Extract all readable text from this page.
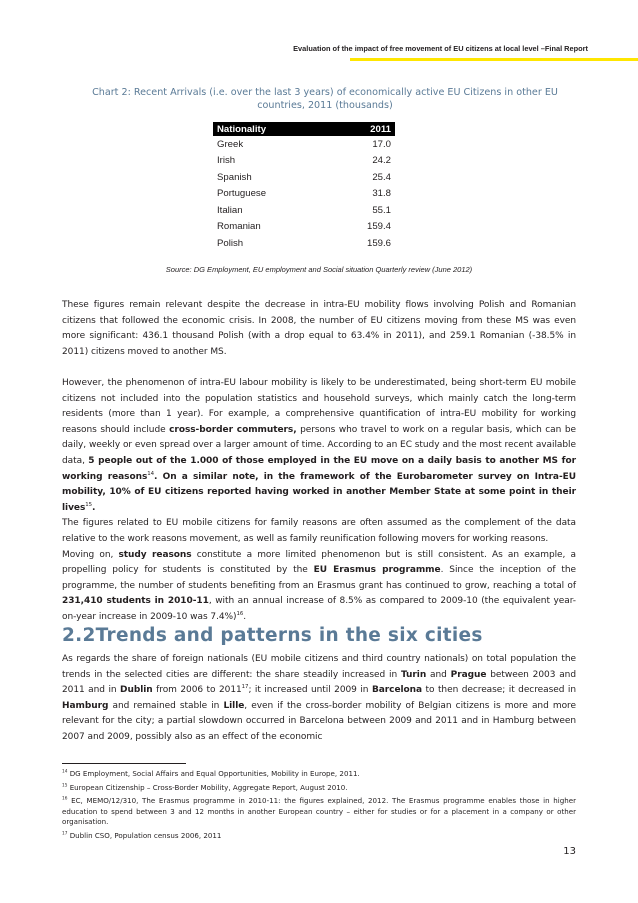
Evaluation of the impact of free movement of EU citizens at local level –Final Report
Chart 2: Recent Arrivals (i.e. over the last 3 years) of economically active EU Citizens in other EU
countries, 2011 (thousands)
Nationality	2011
Greek	17.0
Irish	24.2
Spanish	25.4
Portuguese	31.8
Italian	55.1
Romanian	159.4
Polish	159.6
Source: DG Employment, EU employment and Social situation Quarterly review (June 2012)
These figures remain relevant despite the decrease in intra-EU mobility flows involving Polish and Romanian citizens that followed the economic crisis. In 2008, the number of EU citizens moving from these MS was even more significant: 436.1 thousand Polish (with a drop equal to 63.4% in 2011), and 259.1 Romanian (-38.5% in 2011) citizens moved to another MS.
However, the phenomenon of intra-EU labour mobility is likely to be underestimated, being short-term EU mobile citizens not included into the population statistics and household surveys, which mainly catch the long-term residents (more than 1 year). For example, a comprehensive quantification of intra-EU mobility for working reasons should include cross-border commuters, persons who travel to work on a regular basis, which can be daily, weekly or even spread over a larger amount of time. According to an EC study and the most recent available data, 5 people out of the 1.000 of those employed in the EU move on a daily basis to another MS for working reasons$^{14}$. On a similar note, in the framework of the Eurobarometer survey on Intra-EU mobility, 10% of EU citizens reported having worked in another Member State at some point in their lives$^{15}$.
The figures related to EU mobile citizens for family reasons are often assumed as the complement of the data relative to the work reasons movement, as well as family reunification following movers for working reasons.
Moving on, study reasons constitute a more limited phenomenon but is still consistent. As an example, a propelling policy for students is constituted by the EU Erasmus programme. Since the inception of the programme, the number of students benefiting from an Erasmus grant has continued to grow, reaching a total of 231,410 students in 2010-11, with an annual increase of 8.5% as compared to 2009-10 (the equivalent year-on-year increase in 2009-10 was 7.4%)$^{16}$.
2.2Trends and patterns in the six cities
As regards the share of foreign nationals (EU mobile citizens and third country nationals) on total population the trends in the selected cities are different: the share steadily increased in Turin and Prague between 2003 and 2011 and in Dublin from 2006 to 2011$^{17}$; it increased until 2009 in Barcelona to then decrease; it decreased in Hamburg and remained stable in Lille, even if the cross-border mobility of Belgian citizens is more and more relevant for the city; a partial slowdown occurred in Barcelona between 2009 and 2011 and in Hamburg between 2007 and 2009, possibly also as an effect of the economic
$^{14}$ DG Employment, Social Affairs and Equal Opportunities, Mobility in Europe, 2011.
$^{15}$ European Citizenship – Cross-Border Mobility, Aggregate Report, August 2010.
$^{16}$ EC, MEMO/12/310, The Erasmus programme in 2010-11: the figures explained, 2012. The Erasmus programme enables those in higher education to spend between 3 and 12 months in another European country – either for studies or for a placement in a company or other organisation.
$^{17}$ Dublin CSO, Population census 2006, 2011
13
